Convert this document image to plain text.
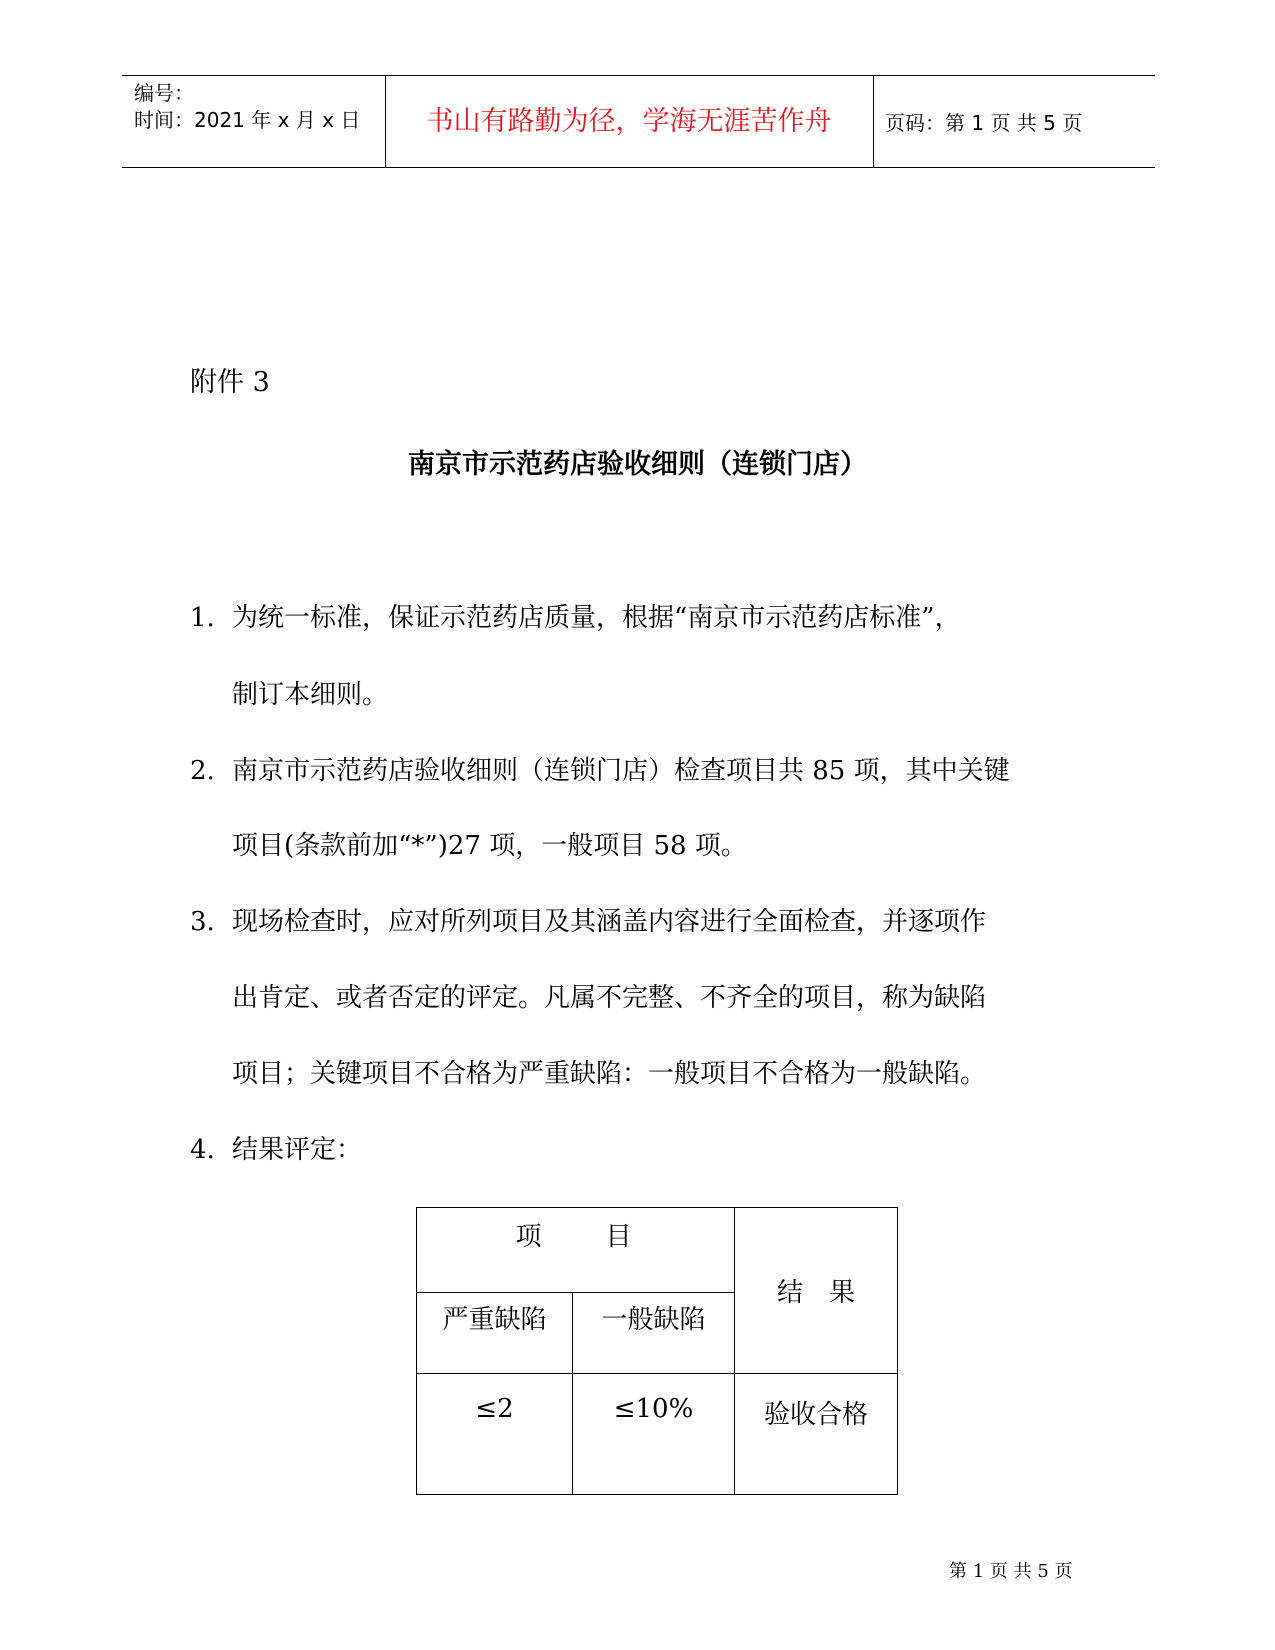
编号：
时间：2021 年 x 月 x 日	书山有路勤为径，学海无涯苦作舟	页码：第 1 页 共 5 页
附件 3
南京市示范药店验收细则（连锁门店）
1. 为统一标准，保证示范药店质量，根据“南京市示范药店标准”，
制订本细则。
2. 南京市示范药店验收细则（连锁门店）检查项目共 85 项，其中关键
项目(条款前加“*”)27 项，一般项目 58 项。
3. 现场检查时，应对所列项目及其涵盖内容进行全面检查，并逐项作
出肯定、或者否定的评定。凡属不完整、不齐全的项目，称为缺陷
项目；关键项目不合格为严重缺陷：一般项目不合格为一般缺陷。
4. 结果评定：
项　　目		结　果
严重缺陷	一般缺陷	
≤2	≤10%	验收合格
第 1 页 共 5 页
